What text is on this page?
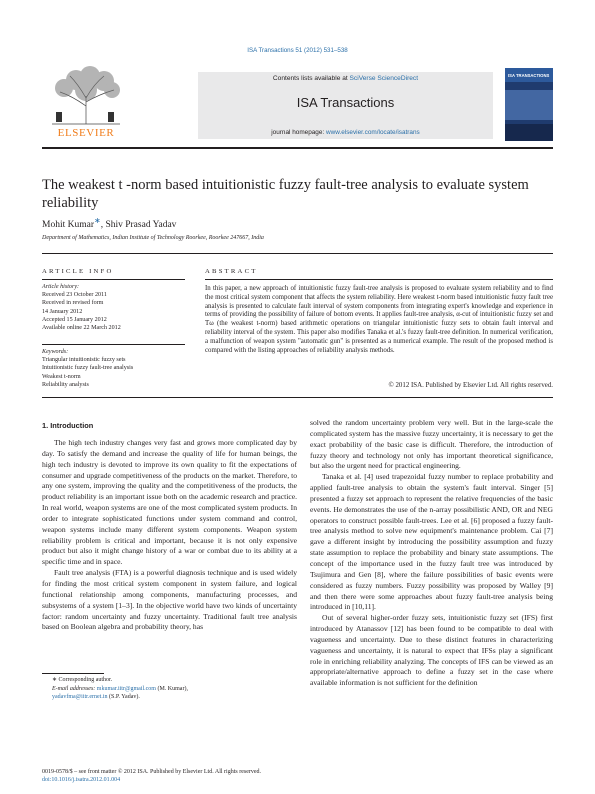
ISA Transactions 51 (2012) 531–538
ELSEVIER
Contents lists available at SciVerse ScienceDirect
ISA Transactions
journal homepage: www.elsevier.com/locate/isatrans
ISA TRANSACTIONS
The weakest t -norm based intuitionistic fuzzy fault-tree analysis to evaluate system reliability
Mohit Kumar∗, Shiv Prasad Yadav
Department of Mathematics, Indian Institute of Technology Roorkee, Roorkee 247667, India
ARTICLE INFO
Article history:
Received 23 October 2011
Received in revised form
14 January 2012
Accepted 15 January 2012
Available online 22 March 2012
Keywords:
Triangular intuitionistic fuzzy sets
Intuitionistic fuzzy fault-tree analysis
Weakest t-norm
Reliability analysis
ABSTRACT
In this paper, a new approach of intuitionistic fuzzy fault-tree analysis is proposed to evaluate system reliability and to find the most critical system component that affects the system reliability. Here weakest t-norm based intuitionistic fuzzy fault tree analysis is presented to calculate fault interval of system components from integrating expert's knowledge and experience in terms of providing the possibility of failure of bottom events. It applies fault-tree analysis, α-cut of intuitionistic fuzzy set and Tω (the weakest t-norm) based arithmetic operations on triangular intuitionistic fuzzy sets to obtain fault interval and reliability interval of the system. This paper also modifies Tanaka et al.'s fuzzy fault-tree definition. In numerical verification, a malfunction of weapon system "automatic gun" is presented as a numerical example. The result of the proposed method is compared with the listing approaches of reliability analysis methods.
© 2012 ISA. Published by Elsevier Ltd. All rights reserved.
1. Introduction

The high tech industry changes very fast and grows more complicated day by day. To satisfy the demand and increase the quality of life for human beings, the high tech industry is devoted to improve its own quality to fit the expectations of consumer and upgrade competitiveness of the products on the market. Therefore, to any one system, improving the quality and the competitiveness of the products, the product reliability is an important issue both on the academic research and practice. In real world, weapon systems are one of the most complicated system products. In order to integrate sophisticated functions under system command and control, weapon systems include many different system components. Weapon system reliability problem is critical and important, because it is not only expensive product but also it might change history of a war or combat due to its ability at a specific time and in space.

Fault tree analysis (FTA) is a powerful diagnosis technique and is used widely for finding the most critical system component in system failure, and logical functional relationship among components, manufacturing processes, and subsystems of a system [1–3]. In the objective world have two kinds of uncertainty factor: random uncertainty and fuzzy uncertainty. Traditional fault tree analysis based on Boolean algebra and probability theory, has

solved the random uncertainty problem very well. But in the large-scale the complicated system has the massive fuzzy uncertainty, it is necessary to get the exact probability of the basic case is difficult. Therefore, the introduction of fuzzy theory and technology not only has important theoretical significance, but also the urgent need for practical engineering.

Tanaka et al. [4] used trapezoidal fuzzy number to replace probability and applied fault-tree analysis to obtain the system's fault interval. Singer [5] presented a fuzzy set approach to represent the relative frequencies of the basic events. He demonstrates the use of the n-array possibilistic AND, OR and NEG operators to construct possible fault-trees. Lee et al. [6] proposed a fuzzy fault-tree analysis method to solve new equipment's maintenance problem. Cai [7] gave a different insight by introducing the possibility assumption and fuzzy state assumption to replace the probability and binary state assumptions. The concept of the importance used in the fuzzy fault tree was introduced by Tsujimura and Gen [8], where the failure possibilities of basic events were considered as fuzzy numbers. Fuzzy possibility was proposed by Walley [9] and then there were some approaches about fuzzy fault-tree analysis being introduced in [10,11].

Out of several higher-order fuzzy sets, intuitionistic fuzzy set (IFS) first introduced by Atanassov [12] has been found to be compatible to deal with vagueness and uncertainty. Due to these distinct features in characterizing vagueness and uncertainty, it is natural to expect that IFSs play a significant role in enriching reliability analyzing. The concepts of IFS can be viewed as an appropriate/alternative approach to define a fuzzy set in the case where available information is not sufficient for the definition

∗ Corresponding author.
E-mail addresses: mkumar.iitr@gmail.com (M. Kumar),
yadavfma@iitr.ernet.in (S.P. Yadav).
0019-0578/$ – see front matter © 2012 ISA. Published by Elsevier Ltd. All rights reserved.
doi:10.1016/j.isatra.2012.01.004
